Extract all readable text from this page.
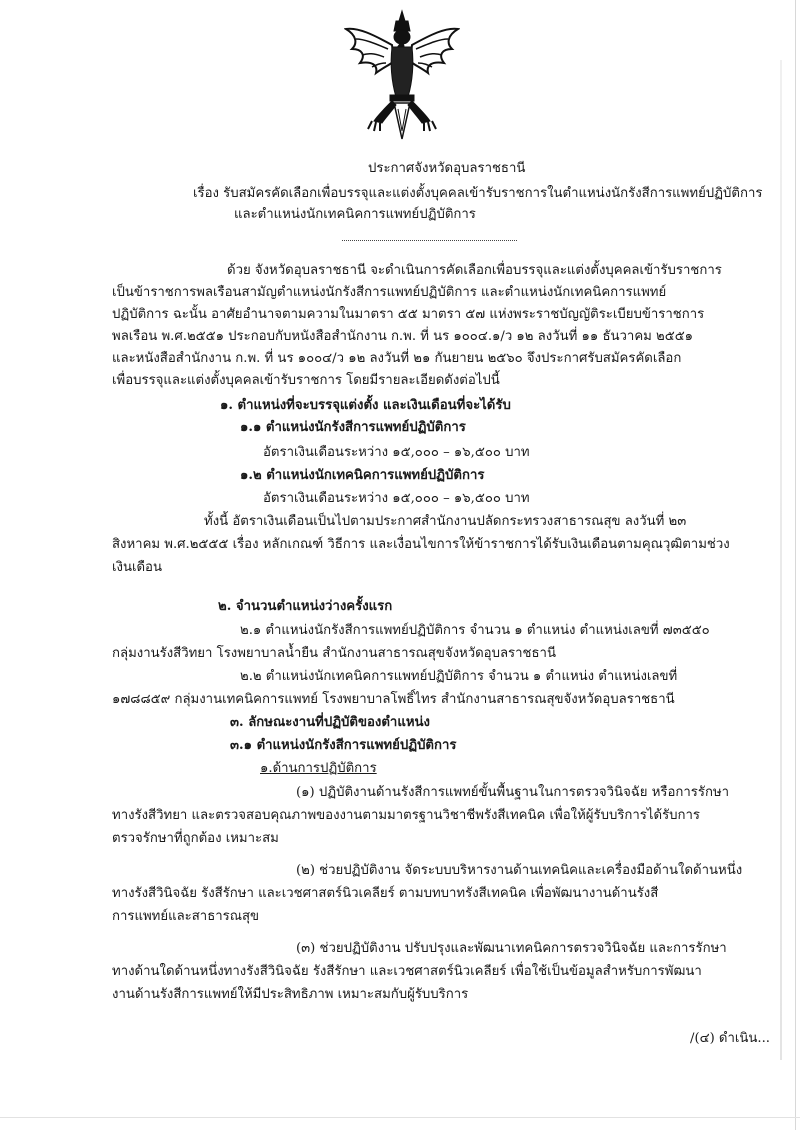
ประกาศจังหวัดอุบลราชธานี
เรื่อง รับสมัครคัดเลือกเพื่อบรรจุและแต่งตั้งบุคคลเข้ารับราชการในตำแหน่งนักรังสีการแพทย์ปฏิบัติการ
และตำแหน่งนักเทคนิคการแพทย์ปฏิบัติการ
ด้วย จังหวัดอุบลราชธานี จะดำเนินการคัดเลือกเพื่อบรรจุและแต่งตั้งบุคคลเข้ารับราชการ
เป็นข้าราชการพลเรือนสามัญตำแหน่งนักรังสีการแพทย์ปฏิบัติการ และตำแหน่งนักเทคนิคการแพทย์
ปฏิบัติการ ฉะนั้น อาศัยอำนาจตามความในมาตรา ๕๕ มาตรา ๕๗ แห่งพระราชบัญญัติระเบียบข้าราชการ
พลเรือน พ.ศ.๒๕๕๑ ประกอบกับหนังสือสำนักงาน ก.พ. ที่ นร ๑๐๐๔.๑/ว ๑๒ ลงวันที่ ๑๑ ธันวาคม ๒๕๕๑
และหนังสือสำนักงาน ก.พ. ที่ นร ๑๐๐๔/ว ๑๒ ลงวันที่ ๒๑ กันยายน ๒๕๖๐ จึงประกาศรับสมัครคัดเลือก
เพื่อบรรจุและแต่งตั้งบุคคลเข้ารับราชการ โดยมีรายละเอียดดังต่อไปนี้
๑. ตำแหน่งที่จะบรรจุแต่งตั้ง และเงินเดือนที่จะได้รับ
๑.๑ ตำแหน่งนักรังสีการแพทย์ปฏิบัติการ
อัตราเงินเดือนระหว่าง ๑๕,๐๐๐ – ๑๖,๕๐๐ บาท
๑.๒ ตำแหน่งนักเทคนิคการแพทย์ปฏิบัติการ
อัตราเงินเดือนระหว่าง ๑๕,๐๐๐ – ๑๖,๕๐๐ บาท
ทั้งนี้ อัตราเงินเดือนเป็นไปตามประกาศสำนักงานปลัดกระทรวงสาธารณสุข ลงวันที่ ๒๓
สิงหาคม พ.ศ.๒๕๕๕ เรื่อง หลักเกณฑ์ วิธีการ และเงื่อนไขการให้ข้าราชการได้รับเงินเดือนตามคุณวุฒิตามช่วง
เงินเดือน
๒. จำนวนตำแหน่งว่างครั้งแรก
๒.๑ ตำแหน่งนักรังสีการแพทย์ปฏิบัติการ จำนวน ๑ ตำแหน่ง ตำแหน่งเลขที่ ๗๓๕๕๐
กลุ่มงานรังสีวิทยา โรงพยาบาลน้ำยืน สำนักงานสาธารณสุขจังหวัดอุบลราชธานี
๒.๒ ตำแหน่งนักเทคนิคการแพทย์ปฏิบัติการ จำนวน ๑ ตำแหน่ง ตำแหน่งเลขที่
๑๗๘๘๕๙ กลุ่มงานเทคนิคการแพทย์ โรงพยาบาลโพธิ์ไทร สำนักงานสาธารณสุขจังหวัดอุบลราชธานี
๓. ลักษณะงานที่ปฏิบัติของตำแหน่ง
๓.๑ ตำแหน่งนักรังสีการแพทย์ปฏิบัติการ
๑.ด้านการปฏิบัติการ
(๑) ปฏิบัติงานด้านรังสีการแพทย์ขั้นพื้นฐานในการตรวจวินิจฉัย หรือการรักษา
ทางรังสีวิทยา และตรวจสอบคุณภาพของงานตามมาตรฐานวิชาชีพรังสีเทคนิค เพื่อให้ผู้รับบริการได้รับการ
ตรวจรักษาที่ถูกต้อง เหมาะสม
(๒) ช่วยปฏิบัติงาน จัดระบบบริหารงานด้านเทคนิคและเครื่องมือด้านใดด้านหนึ่ง
ทางรังสีวินิจฉัย รังสีรักษา และเวชศาสตร์นิวเคลียร์ ตามบทบาทรังสีเทคนิค เพื่อพัฒนางานด้านรังสี
การแพทย์และสาธารณสุข
(๓) ช่วยปฏิบัติงาน ปรับปรุงและพัฒนาเทคนิคการตรวจวินิจฉัย และการรักษา
ทางด้านใดด้านหนึ่งทางรังสีวินิจฉัย รังสีรักษา และเวชศาสตร์นิวเคลียร์ เพื่อใช้เป็นข้อมูลสำหรับการพัฒนา
งานด้านรังสีการแพทย์ให้มีประสิทธิภาพ เหมาะสมกับผู้รับบริการ
/(๔) ดำเนิน...
